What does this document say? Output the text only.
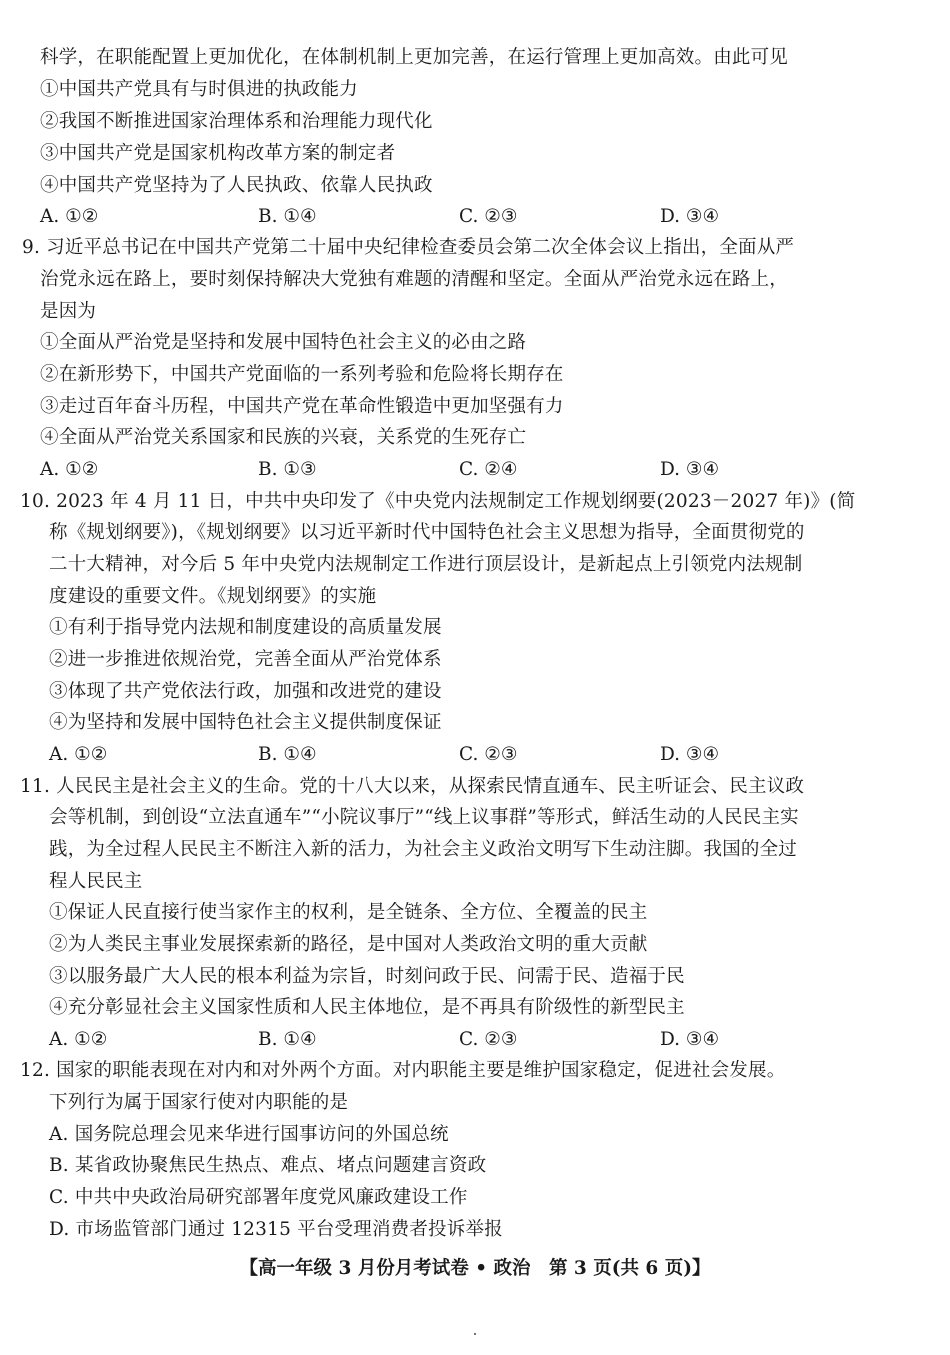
科学，在职能配置上更加优化，在体制机制上更加完善，在运行管理上更加高效。由此可见
①中国共产党具有与时俱进的执政能力
②我国不断推进国家治理体系和治理能力现代化
③中国共产党是国家机构改革方案的制定者
④中国共产党坚持为了人民执政、依靠人民执政
A. ①②	B. ①④	C. ②③	D. ③④
9. 习近平总书记在中国共产党第二十届中央纪律检查委员会第二次全体会议上指出，全面从严
治党永远在路上，要时刻保持解决大党独有难题的清醒和坚定。全面从严治党永远在路上，
是因为
①全面从严治党是坚持和发展中国特色社会主义的必由之路
②在新形势下，中国共产党面临的一系列考验和危险将长期存在
③走过百年奋斗历程，中国共产党在革命性锻造中更加坚强有力
④全面从严治党关系国家和民族的兴衰，关系党的生死存亡
A. ①②	B. ①③	C. ②④	D. ③④
10. 2023 年 4 月 11 日，中共中央印发了《中央党内法规制定工作规划纲要(2023－2027 年)》(简
称《规划纲要》)，《规划纲要》以习近平新时代中国特色社会主义思想为指导，全面贯彻党的
二十大精神，对今后 5 年中央党内法规制定工作进行顶层设计，是新起点上引领党内法规制
度建设的重要文件。《规划纲要》的实施
①有利于指导党内法规和制度建设的高质量发展
②进一步推进依规治党，完善全面从严治党体系
③体现了共产党依法行政，加强和改进党的建设
④为坚持和发展中国特色社会主义提供制度保证
A. ①②	B. ①④	C. ②③	D. ③④
11. 人民民主是社会主义的生命。党的十八大以来，从探索民情直通车、民主听证会、民主议政
会等机制，到创设“立法直通车”“小院议事厅”“线上议事群”等形式，鲜活生动的人民民主实
践，为全过程人民民主不断注入新的活力，为社会主义政治文明写下生动注脚。我国的全过
程人民民主
①保证人民直接行使当家作主的权利，是全链条、全方位、全覆盖的民主
②为人类民主事业发展探索新的路径，是中国对人类政治文明的重大贡献
③以服务最广大人民的根本利益为宗旨，时刻问政于民、问需于民、造福于民
④充分彰显社会主义国家性质和人民主体地位，是不再具有阶级性的新型民主
A. ①②	B. ①④	C. ②③	D. ③④
12. 国家的职能表现在对内和对外两个方面。对内职能主要是维护国家稳定，促进社会发展。
下列行为属于国家行使对内职能的是
A. 国务院总理会见来华进行国事访问的外国总统
B. 某省政协聚焦民生热点、难点、堵点问题建言资政
C. 中共中央政治局研究部署年度党风廉政建设工作
D. 市场监管部门通过 12315 平台受理消费者投诉举报
【高一年级 3 月份月考试卷 • 政治　第 3 页(共 6 页)】
